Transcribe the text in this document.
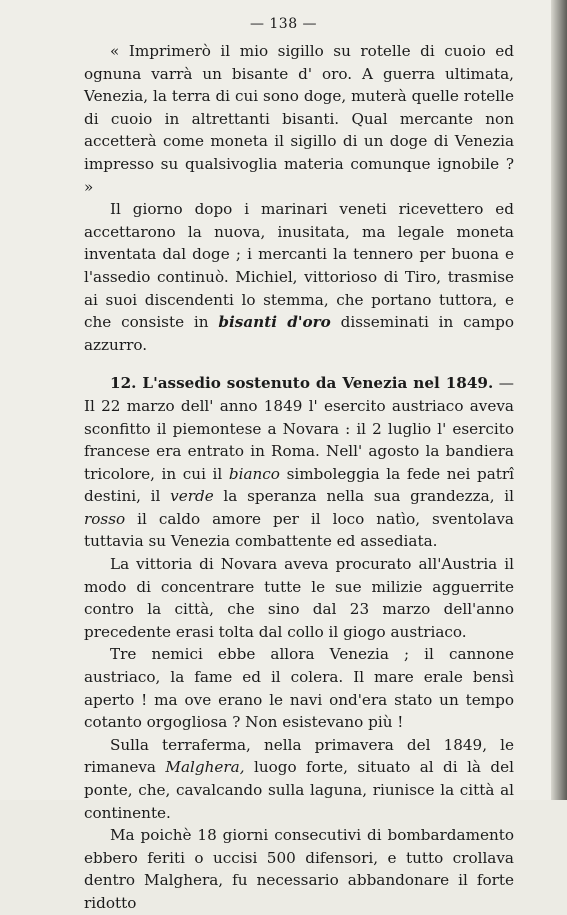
— 138 —

« Imprimerò il mio sigillo su rotelle di cuoio ed ognuna varrà un bisante d' oro. A guerra ultimata, Venezia, la terra di cui sono doge, muterà quelle rotelle di cuoio in altrettanti bisanti. Qual mercante non accetterà come moneta il sigillo di un doge di Venezia impresso su qualsivoglia materia comunque ignobile ? »

Il giorno dopo i marinari veneti ricevettero ed accettarono la nuova, inusitata, ma legale moneta inventata dal doge ; i mercanti la tennero per buona e l'assedio continuò. Michiel, vittorioso di Tiro, trasmise ai suoi discendenti lo stemma, che portano tuttora, e che consiste in bisanti d'oro disseminati in campo azzurro.

12. L'assedio sostenuto da Venezia nel 1849. — Il 22 marzo dell' anno 1849 l' esercito austriaco aveva sconfitto il piemontese a Novara : il 2 luglio l' esercito francese era entrato in Roma. Nell' agosto la bandiera tricolore, in cui il bianco simboleggia la fede nei patrî destini, il verde la speranza nella sua grandezza, il rosso il caldo amore per il loco natìo, sventolava tuttavia su Venezia combattente ed assediata.

La vittoria di Novara aveva procurato all'Austria il modo di concentrare tutte le sue milizie agguerrite contro la città, che sino dal 23 marzo dell'anno precedente erasi tolta dal collo il giogo austriaco.

Tre nemici ebbe allora Venezia ; il cannone austriaco, la fame ed il colera. Il mare erale bensì aperto ! ma ove erano le navi ond'era stato un tempo cotanto orgogliosa ? Non esistevano più !

Sulla terraferma, nella primavera del 1849, le rimaneva Malghera, luogo forte, situato al di là del ponte, che, cavalcando sulla laguna, riunisce la città al continente.

Ma poichè 18 giorni consecutivi di bombardamento ebbero feriti o uccisi 500 difensori, e tutto crollava dentro Malghera, fu necessario abbandonare il forte ridotto
